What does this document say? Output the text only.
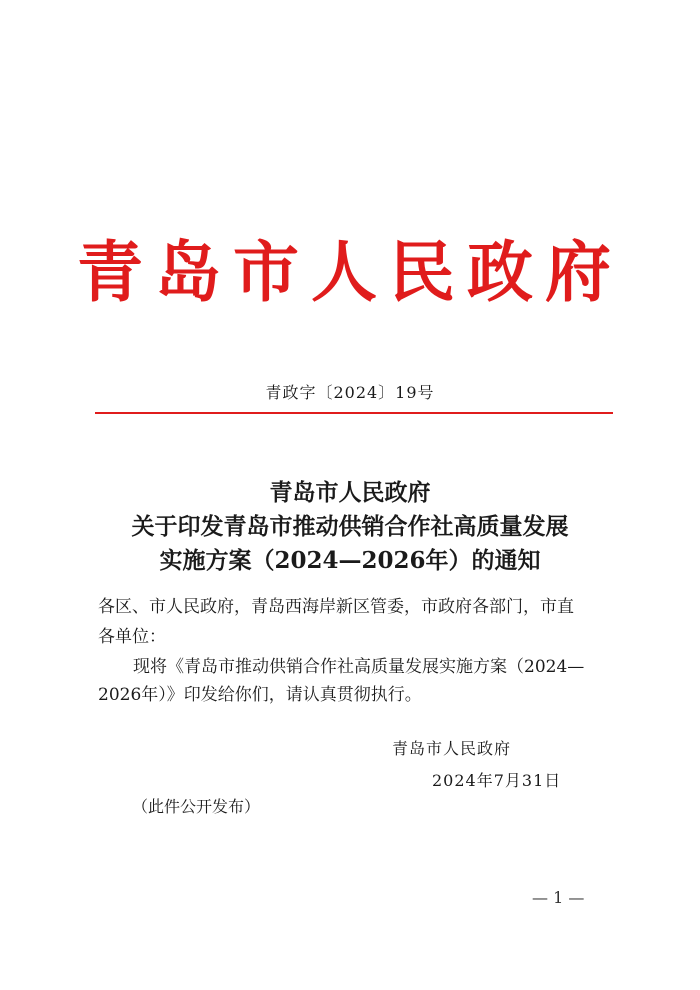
青岛市人民政府
青政字〔2024〕19号
青岛市人民政府
关于印发青岛市推动供销合作社高质量发展
实施方案（2024—2026年）的通知
各区、市人民政府，青岛西海岸新区管委，市政府各部门，市直
各单位：
现将《青岛市推动供销合作社高质量发展实施方案（2024—
2026年）》印发给你们，请认真贯彻执行。
青岛市人民政府
2024年7月31日
（此件公开发布）
— 1 —
